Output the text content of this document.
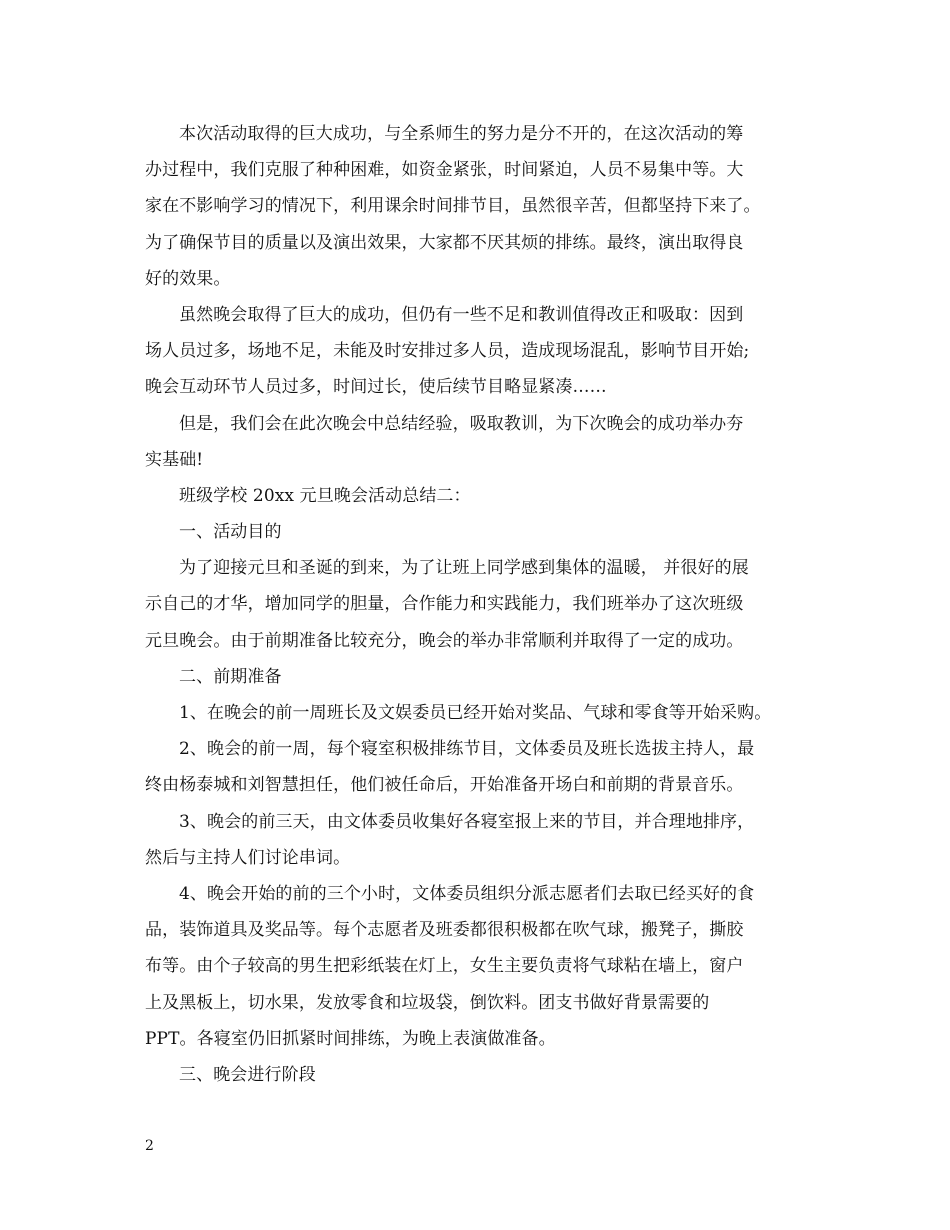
本次活动取得的巨大成功，与全系师生的努力是分不开的，在这次活动的筹
办过程中，我们克服了种种困难，如资金紧张，时间紧迫，人员不易集中等。大
家在不影响学习的情况下，利用课余时间排节目，虽然很辛苦，但都坚持下来了。
为了确保节目的质量以及演出效果，大家都不厌其烦的排练。最终，演出取得良
好的效果。
虽然晚会取得了巨大的成功，但仍有一些不足和教训值得改正和吸取：因到
场人员过多，场地不足，未能及时安排过多人员，造成现场混乱，影响节目开始;
晚会互动环节人员过多，时间过长，使后续节目略显紧凑……
但是，我们会在此次晚会中总结经验，吸取教训，为下次晚会的成功举办夯
实基础!
班级学校 20xx 元旦晚会活动总结二：
一、活动目的
为了迎接元旦和圣诞的到来，为了让班上同学感到集体的温暖， 并很好的展
示自己的才华，增加同学的胆量，合作能力和实践能力，我们班举办了这次班级
元旦晚会。由于前期准备比较充分，晚会的举办非常顺利并取得了一定的成功。
二、前期准备
1、在晚会的前一周班长及文娱委员已经开始对奖品、气球和零食等开始采购。
2、晚会的前一周，每个寝室积极排练节目，文体委员及班长选拔主持人，最
终由杨泰城和刘智慧担任，他们被任命后，开始准备开场白和前期的背景音乐。
3、晚会的前三天，由文体委员收集好各寝室报上来的节目，并合理地排序，
然后与主持人们讨论串词。
4、晚会开始的前的三个小时，文体委员组织分派志愿者们去取已经买好的食
品，装饰道具及奖品等。每个志愿者及班委都很积极都在吹气球，搬凳子，撕胶
布等。由个子较高的男生把彩纸装在灯上，女生主要负责将气球粘在墙上，窗户
上及黑板上，切水果，发放零食和垃圾袋，倒饮料。团支书做好背景需要的
PPT。各寝室仍旧抓紧时间排练，为晚上表演做准备。
三、晚会进行阶段
2
